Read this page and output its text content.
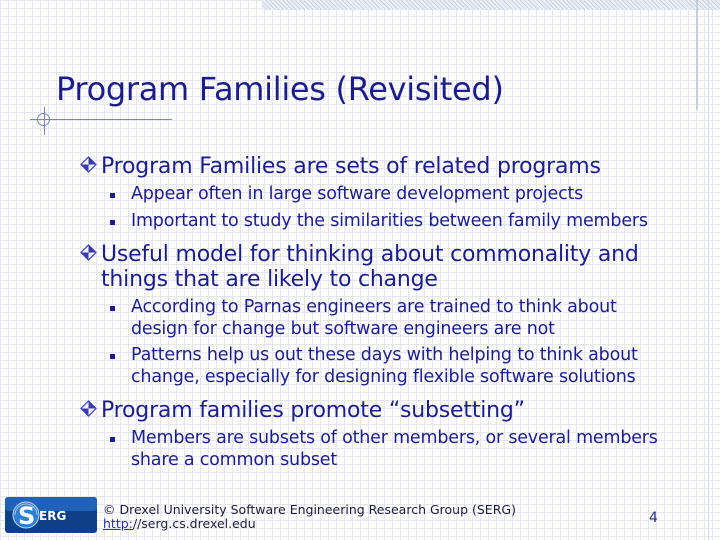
Program Families (Revisited)
Program Families are sets of related programs
Appear often in large software development projects
Important to study the similarities between family members
Useful model for thinking about commonality and
things that are likely to change
According to Parnas engineers are trained to think about
design for change but software engineers are not
Patterns help us out these days with helping to think about
change, especially for designing flexible software solutions
Program families promote “subsetting”
Members are subsets of other members, or several members
share a common subset
S ERG	© Drexel University Software Engineering Research Group (SERG)
http://serg.cs.drexel.edu	4
